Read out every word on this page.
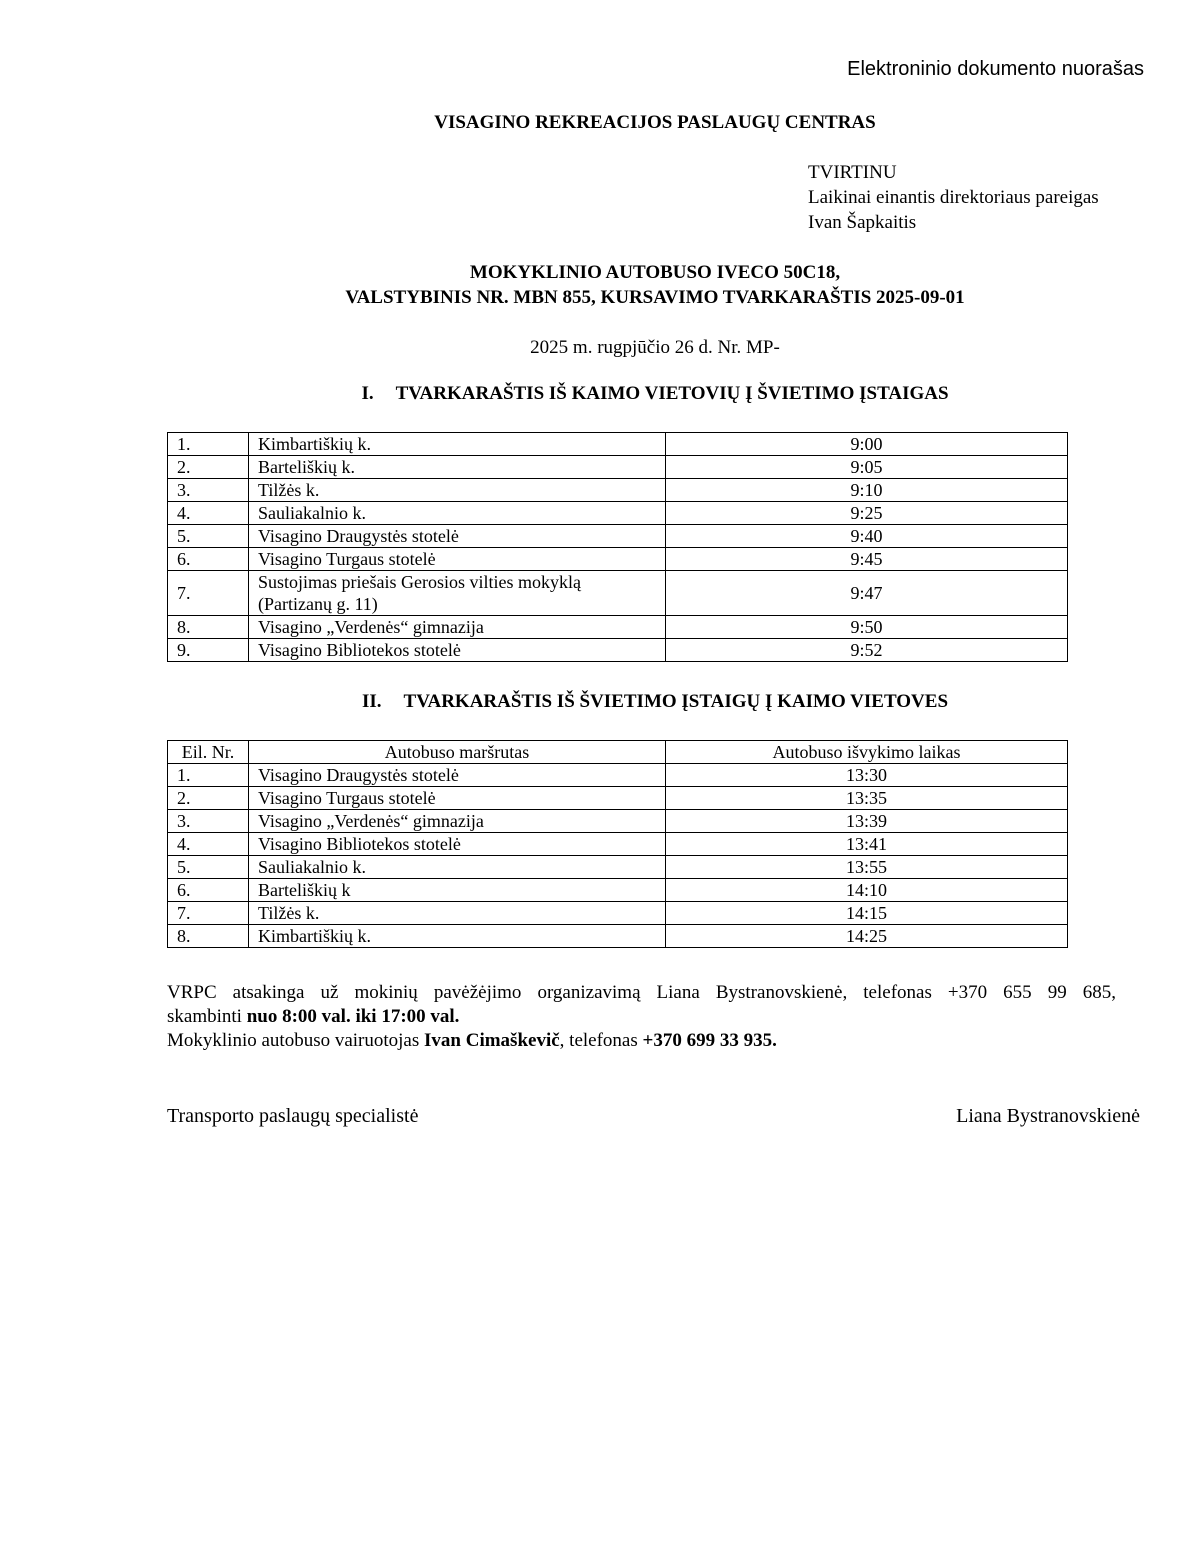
Elektroninio dokumento nuorašas
VISAGINO REKREACIJOS PASLAUGŲ CENTRAS
TVIRTINU
Laikinai einantis direktoriaus pareigas
Ivan Šapkaitis
MOKYKLINIO AUTOBUSO IVECO 50C18,
VALSTYBINIS NR. MBN 855, KURSAVIMO TVARKARAŠTIS 2025-09-01
2025 m. rugpjūčio 26 d. Nr. MP-
I. TVARKARAŠTIS IŠ KAIMO VIETOVIŲ Į ŠVIETIMO ĮSTAIGAS
1.	Kimbartiškių k.	9:00
2.	Barteliškių k.	9:05
3.	Tilžės k.	9:10
4.	Sauliakalnio k.	9:25
5.	Visagino Draugystės stotelė	9:40
6.	Visagino Turgaus stotelė	9:45
7.	Sustojimas priešais Gerosios vilties mokyklą
(Partizanų g. 11)	9:47
8.	Visagino „Verdenės“ gimnazija	9:50
9.	Visagino Bibliotekos stotelė	9:52
II. TVARKARAŠTIS IŠ ŠVIETIMO ĮSTAIGŲ Į KAIMO VIETOVES
Eil. Nr.	Autobuso maršrutas	Autobuso išvykimo laikas
1.	Visagino Draugystės stotelė	13:30
2.	Visagino Turgaus stotelė	13:35
3.	Visagino „Verdenės“ gimnazija	13:39
4.	Visagino Bibliotekos stotelė	13:41
5.	Sauliakalnio k.	13:55
6.	Barteliškių k	14:10
7.	Tilžės k.	14:15
8.	Kimbartiškių k.	14:25

VRPC atsakinga už mokinių pavėžėjimo organizavimą Liana Bystranovskienė, telefonas +370 655 99 685,

skambinti nuo 8:00 val. iki 17:00 val.

Mokyklinio autobuso vairuotojas Ivan Cimaškevič, telefonas +370 699 33 935.

Transporto paslaugų specialistė	Liana Bystranovskienė
